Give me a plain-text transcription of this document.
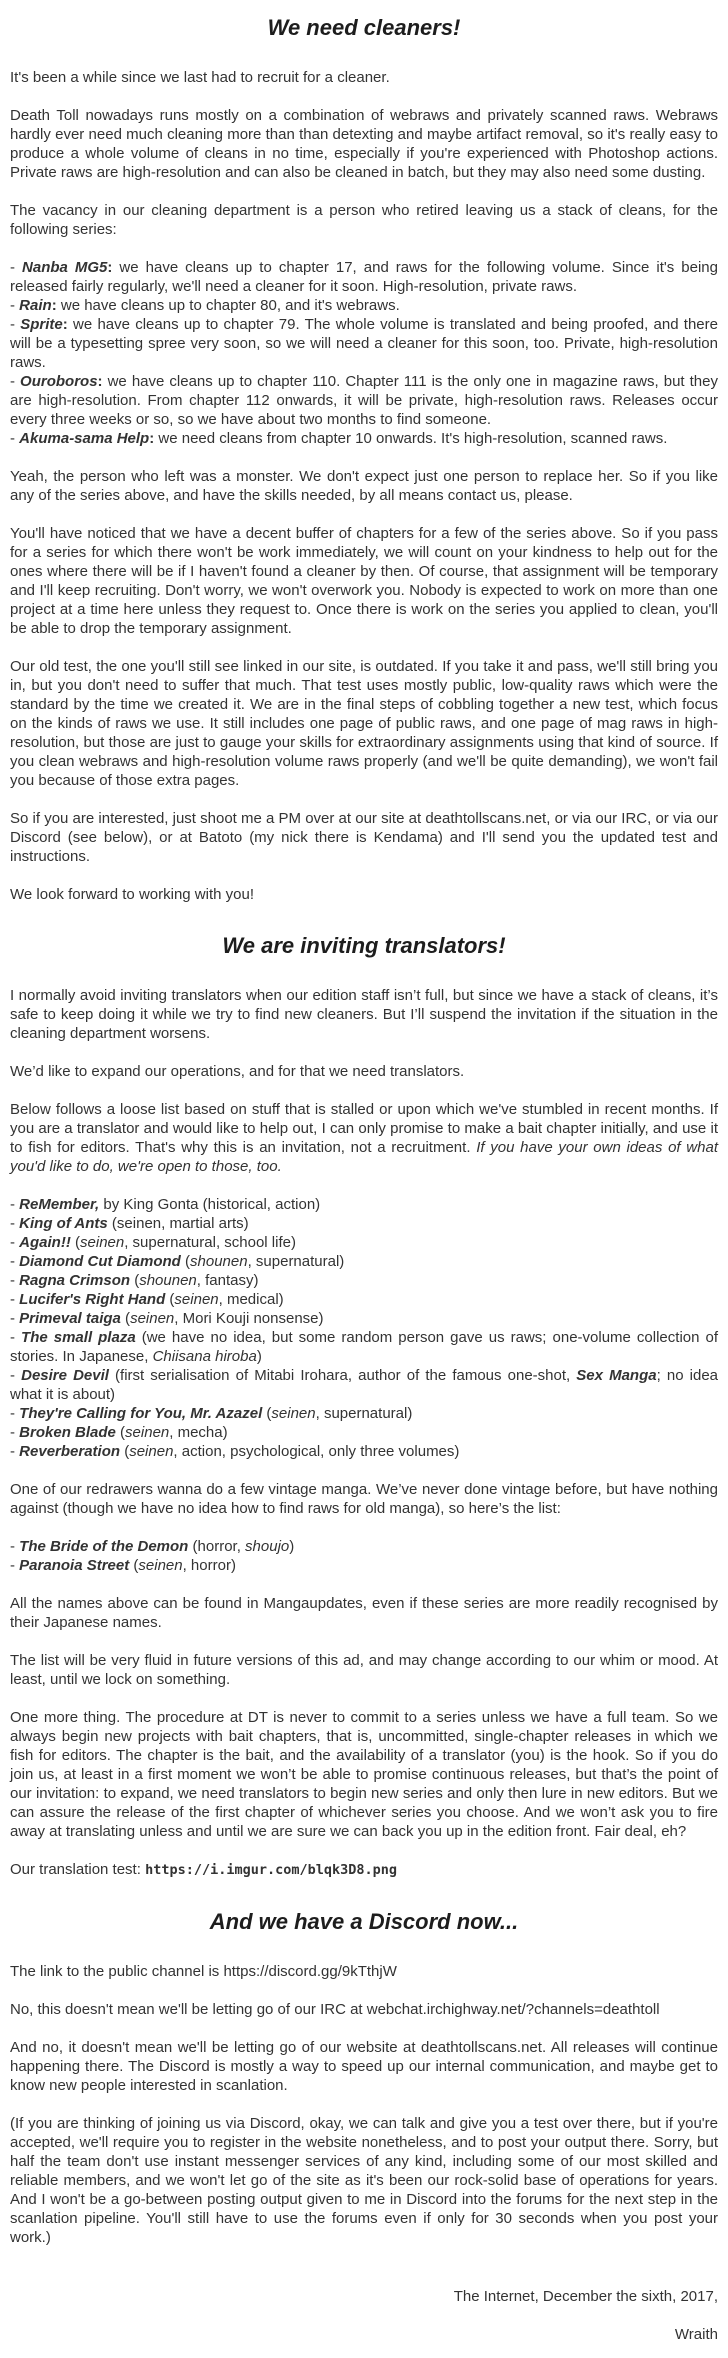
We need cleaners!
It's been a while since we last had to recruit for a cleaner.
Death Toll nowadays runs mostly on a combination of webraws and privately scanned raws. Webraws hardly ever need much cleaning more than than detexting and maybe artifact removal, so it's really easy to produce a whole volume of cleans in no time, especially if you're experienced with Photoshop actions. Private raws are high-resolution and can also be cleaned in batch, but they may also need some dusting.
The vacancy in our cleaning department is a person who retired leaving us a stack of cleans, for the following series:
- Nanba MG5: we have cleans up to chapter 17, and raws for the following volume. Since it's being released fairly regularly, we'll need a cleaner for it soon. High-resolution, private raws.
- Rain: we have cleans up to chapter 80, and it's webraws.
- Sprite: we have cleans up to chapter 79. The whole volume is translated and being proofed, and there will be a typesetting spree very soon, so we will need a cleaner for this soon, too. Private, high-resolution raws.
- Ouroboros: we have cleans up to chapter 110. Chapter 111 is the only one in magazine raws, but they are high-resolution. From chapter 112 onwards, it will be private, high-resolution raws. Releases occur every three weeks or so, so we have about two months to find someone.
- Akuma-sama Help: we need cleans from chapter 10 onwards. It's high-resolution, scanned raws.
Yeah, the person who left was a monster. We don't expect just one person to replace her. So if you like any of the series above, and have the skills needed, by all means contact us, please.
You'll have noticed that we have a decent buffer of chapters for a few of the series above. So if you pass for a series for which there won't be work immediately, we will count on your kindness to help out for the ones where there will be if I haven't found a cleaner by then. Of course, that assignment will be temporary and I'll keep recruiting. Don't worry, we won't overwork you. Nobody is expected to work on more than one project at a time here unless they request to. Once there is work on the series you applied to clean, you'll be able to drop the temporary assignment.
Our old test, the one you'll still see linked in our site, is outdated. If you take it and pass, we'll still bring you in, but you don't need to suffer that much. That test uses mostly public, low-quality raws which were the standard by the time we created it. We are in the final steps of cobbling together a new test, which focus on the kinds of raws we use. It still includes one page of public raws, and one page of mag raws in high-resolution, but those are just to gauge your skills for extraordinary assignments using that kind of source. If you clean webraws and high-resolution volume raws properly (and we'll be quite demanding), we won't fail you because of those extra pages.
So if you are interested, just shoot me a PM over at our site at deathtollscans.net, or via our IRC, or via our Discord (see below), or at Batoto (my nick there is Kendama) and I'll send you the updated test and instructions.
We look forward to working with you!
We are inviting translators!
I normally avoid inviting translators when our edition staff isn’t full, but since we have a stack of cleans, it’s safe to keep doing it while we try to find new cleaners. But I’ll suspend the invitation if the situation in the cleaning department worsens.
We’d like to expand our operations, and for that we need translators.
Below follows a loose list based on stuff that is stalled or upon which we've stumbled in recent months. If you are a translator and would like to help out, I can only promise to make a bait chapter initially, and use it to fish for editors. That's why this is an invitation, not a recruitment. If you have your own ideas of what you'd like to do, we're open to those, too.
- ReMember, by King Gonta (historical, action)
- King of Ants (seinen, martial arts)
- Again!! (seinen, supernatural, school life)
- Diamond Cut Diamond (shounen, supernatural)
- Ragna Crimson (shounen, fantasy)
- Lucifer's Right Hand (seinen, medical)
- Primeval taiga (seinen, Mori Kouji nonsense)
- The small plaza (we have no idea, but some random person gave us raws; one-volume collection of stories. In Japanese, Chiisana hiroba)
- Desire Devil (first serialisation of Mitabi Irohara, author of the famous one-shot, Sex Manga; no idea what it is about)
- They're Calling for You, Mr. Azazel (seinen, supernatural)
- Broken Blade (seinen, mecha)
- Reverberation (seinen, action, psychological, only three volumes)
One of our redrawers wanna do a few vintage manga. We’ve never done vintage before, but have nothing against (though we have no idea how to find raws for old manga), so here’s the list:
- The Bride of the Demon (horror, shoujo)
- Paranoia Street (seinen, horror)
All the names above can be found in Mangaupdates, even if these series are more readily recognised by their Japanese names.
The list will be very fluid in future versions of this ad, and may change according to our whim or mood. At least, until we lock on something.
One more thing. The procedure at DT is never to commit to a series unless we have a full team. So we always begin new projects with bait chapters, that is, uncommitted, single-chapter releases in which we fish for editors. The chapter is the bait, and the availability of a translator (you) is the hook. So if you do join us, at least in a first moment we won’t be able to promise continuous releases, but that’s the point of our invitation: to expand, we need translators to begin new series and only then lure in new editors. But we can assure the release of the first chapter of whichever series you choose. And we won’t ask you to fire away at translating unless and until we are sure we can back you up in the edition front. Fair deal, eh?
Our translation test: https://i.imgur.com/blqk3D8.png
And we have a Discord now...
The link to the public channel is https://discord.gg/9kTthjW
No, this doesn't mean we'll be letting go of our IRC at webchat.irchighway.net/?channels=deathtoll
And no, it doesn't mean we'll be letting go of our website at deathtollscans.net. All releases will continue happening there. The Discord is mostly a way to speed up our internal communication, and maybe get to know new people interested in scanlation.
(If you are thinking of joining us via Discord, okay, we can talk and give you a test over there, but if you're accepted, we'll require you to register in the website nonetheless, and to post your output there. Sorry, but half the team don't use instant messenger services of any kind, including some of our most skilled and reliable members, and we won't let go of the site as it's been our rock-solid base of operations for years. And I won't be a go-between posting output given to me in Discord into the forums for the next step in the scanlation pipeline. You'll still have to use the forums even if only for 30 seconds when you post your work.)
The Internet, December the sixth, 2017,
Wraith
